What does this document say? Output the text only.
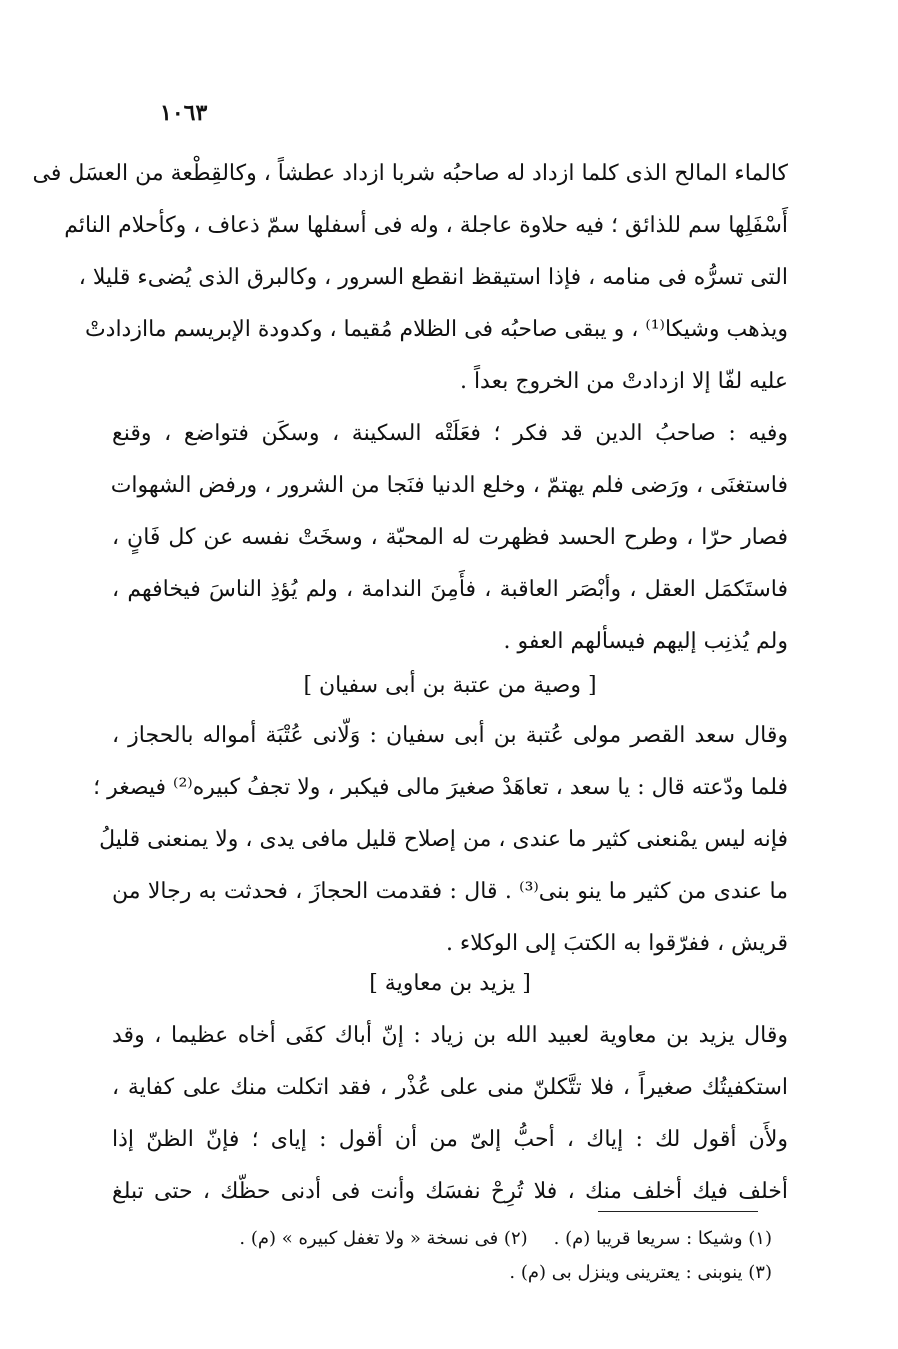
١٠٦٣
كالماء المالح الذى كلما ازداد له صاحبُه شربا ازداد عطشاً ، وكالقِطْعة من العسَل فى
أَسْفَلِها سم للذائق ؛ فيه حلاوة عاجلة ، وله فى أسفلها سمّ ذعاف ، وكأحلام النائم
التى تسرُّه فى منامه ، فإذا استيقظ انقطع السرور ، وكالبرق الذى يُضىء قليلا ،
ويذهب وشيكا⁽¹⁾ ، و يبقى صاحبُه فى الظلام مُقيما ، وكدودة الإبريسم ماازدادتْ
عليه لفّا إلا ازدادتْ من الخروج بعداً .
وفيه : صاحبُ الدين قد فكر ؛ فعَلَتْه السكينة ، وسكَن فتواضع ، وقنع
فاستغنَى ، ورَضى فلم يهتمّ ، وخلع الدنيا فنَجا من الشرور ، ورفض الشهوات
فصار حرّا ، وطرح الحسد فظهرت له المحبّة ، وسخَتْ نفسه عن كل فَانٍ ،
فاستَكمَل العقل ، وأبْصَر العاقبة ، فأَمِنَ الندامة ، ولم يُؤذِ الناسَ فيخافهم ،
ولم يُذنِب إليهم فيسألهم العفو .
[ وصية من عتبة بن أبى سفيان ]
وقال سعد القصر مولى عُتبة بن أبى سفيان : وَلّانى عُتْبَة أمواله بالحجاز ،
فلما ودّعته قال : يا سعد ، تعاهَدْ صغيرَ مالى فيكبر ، ولا تجفُ كبيره⁽²⁾ فيصغر ؛
فإنه ليس يمْنعنى كثير ما عندى ، من إصلاح قليل مافى يدى ، ولا يمنعنى قليلُ
ما عندى من كثير ما ينو بنى⁽³⁾ . قال : فقدمت الحجازَ ، فحدثت به رجالا من
قريش ، ففرّقوا به الكتبَ إلى الوكلاء .
[ يزيد بن معاوية ]
وقال يزيد بن معاوية لعبيد الله بن زياد : إنّ أباك كفَى أخاه عظيما ، وقد
استكفيتُك صغيراً ، فلا تتَّكلنّ منى على عُذْر ، فقد اتكلت منك على كفاية ،
ولأَن أقول لك : إياك ، أحبُّ إلىّ من أن أقول : إياى ؛ فإنّ الظنّ إذا
أخلف فيك أخلف منك ، فلا تُرِحْ نفسَك وأنت فى أدنى حظّك ، حتى تبلغ
(١) وشيكا : سريعا قريبا (م) .(٢) فى نسخة « ولا تغفل كبيره » (م) .
(٣) ينوبنى : يعترينى وينزل بى (م) .
